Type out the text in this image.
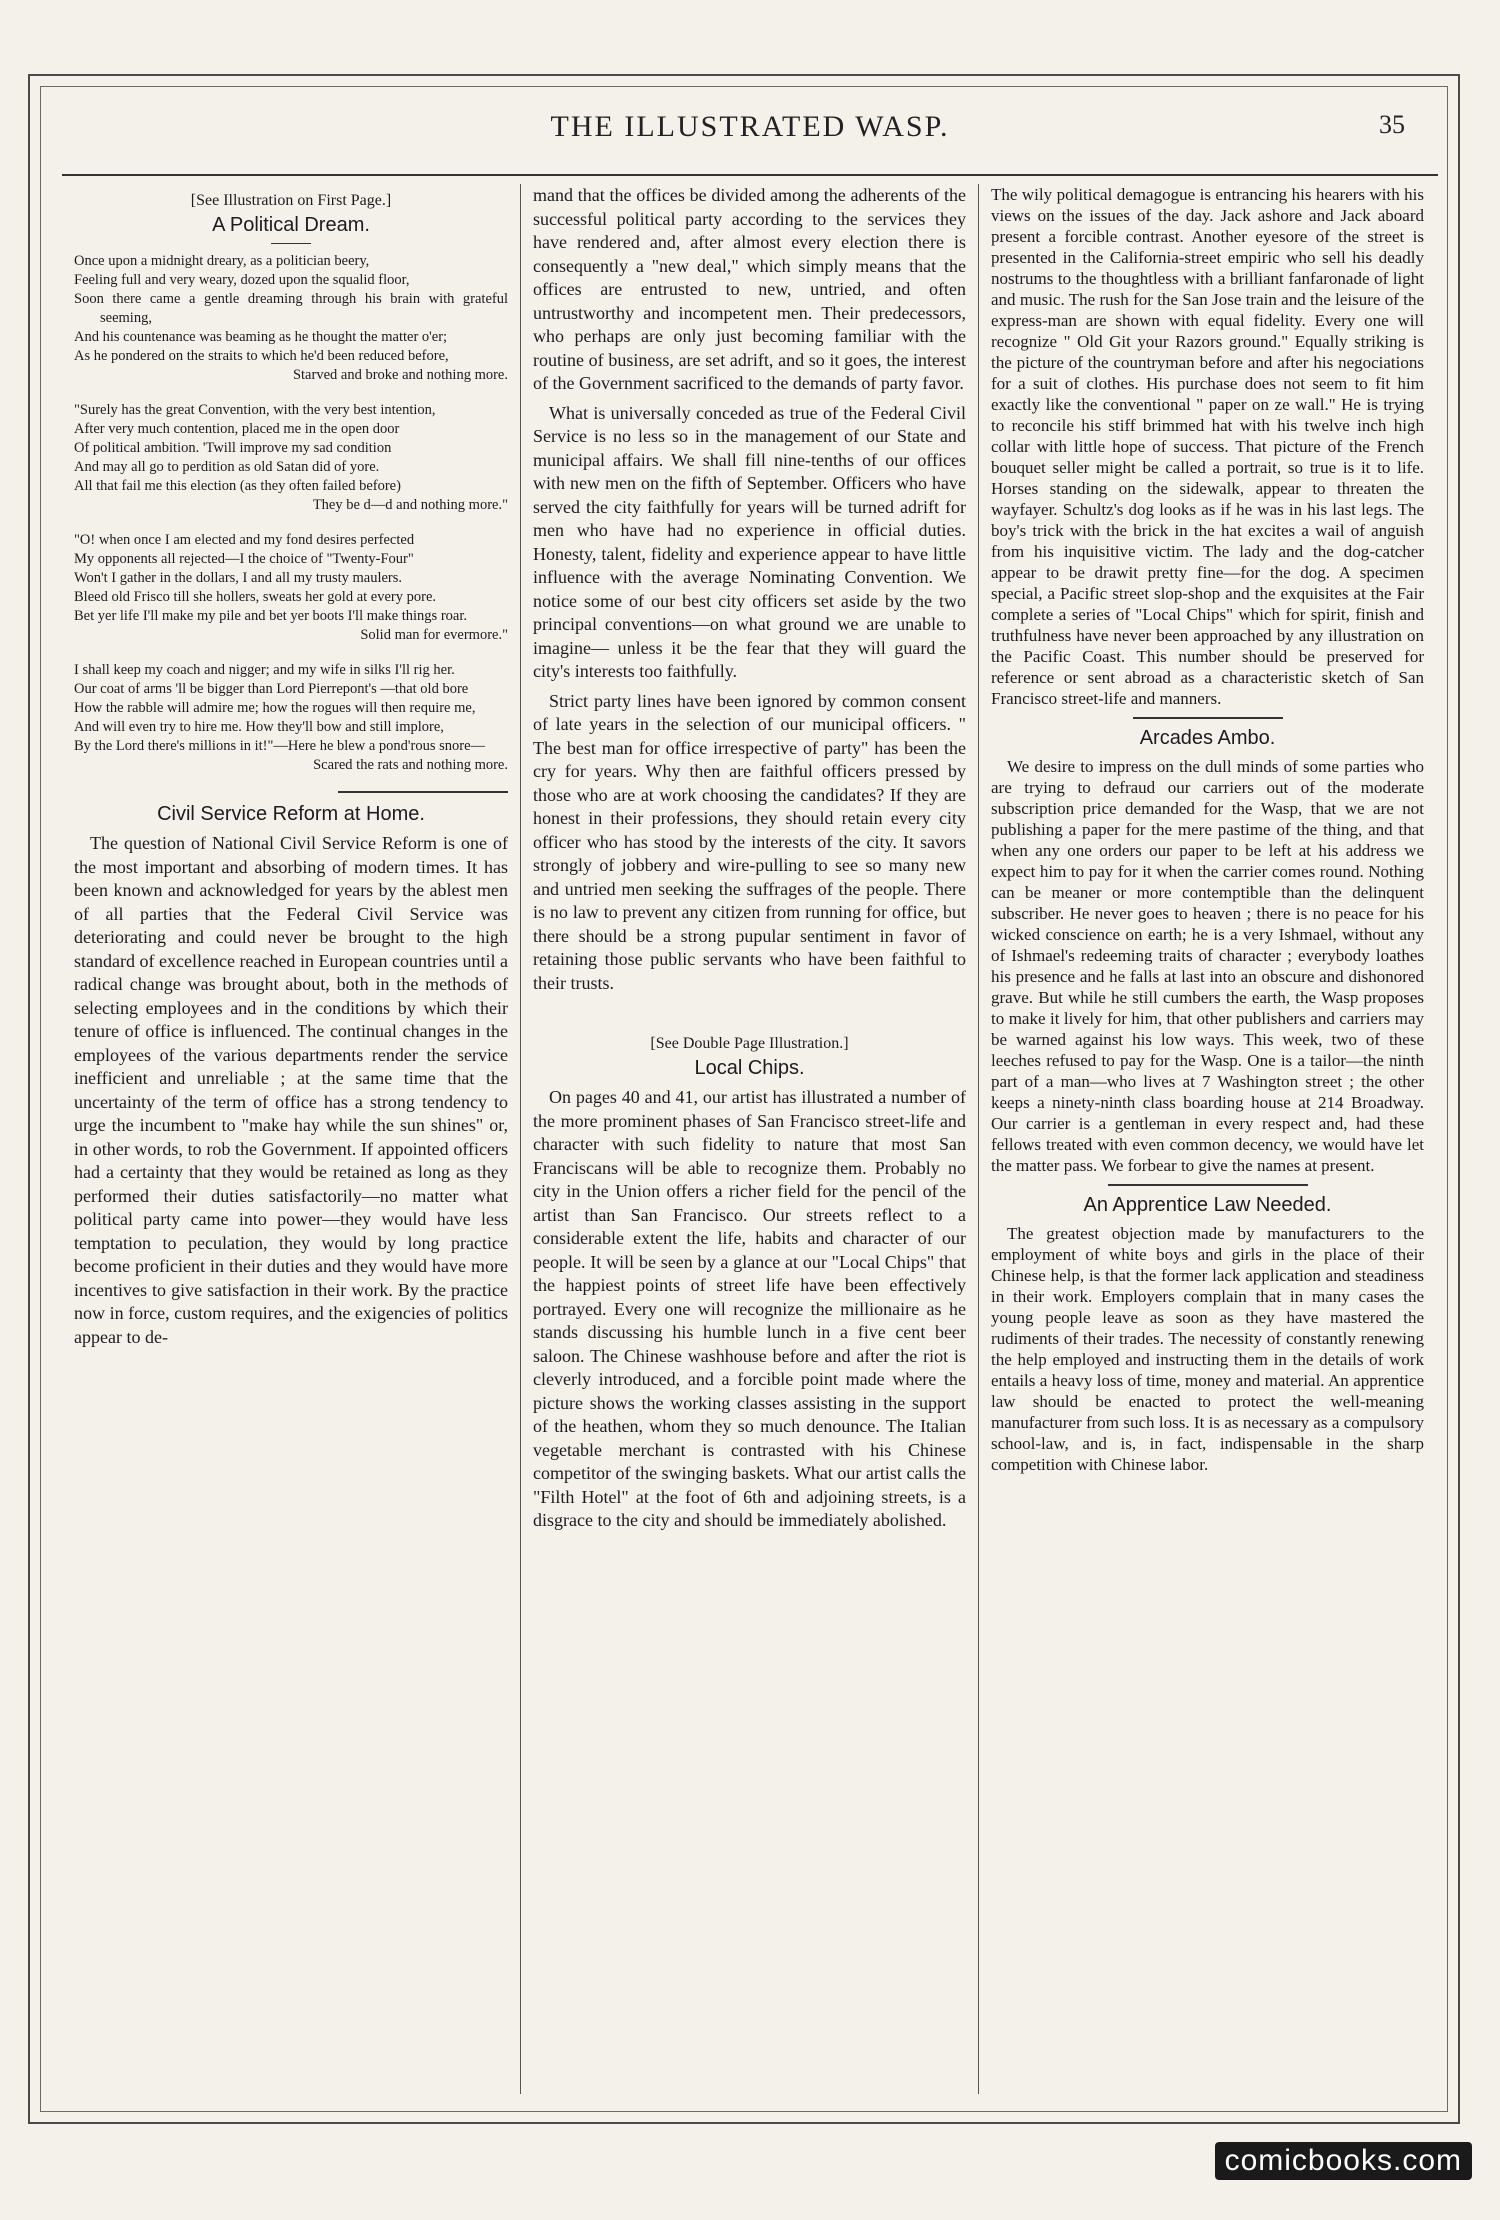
THE ILLUSTRATED WASP.	35
[See Illustration on First Page.]
A Political Dream.
Once upon a midnight dreary, as a politician beery,
Feeling full and very weary, dozed upon the squalid floor,
Soon there came a gentle dreaming through his brain with grateful seeming,
And his countenance was beaming as he thought the matter o'er;
As he pondered on the straits to which he'd been reduced before,
Starved and broke and nothing more.
"Surely has the great Convention, with the very best intention,
After very much contention, placed me in the open door
Of political ambition. 'Twill improve my sad condition
And may all go to perdition as old Satan did of yore.
All that fail me this election (as they often failed before)
They be d—d and nothing more."
"O! when once I am elected and my fond desires perfected
My opponents all rejected—I the choice of "Twenty-Four"
Won't I gather in the dollars, I and all my trusty maulers.
Bleed old Frisco till she hollers, sweats her gold at every pore.
Bet yer life I'll make my pile and bet yer boots I'll make things roar.
Solid man for evermore."
I shall keep my coach and nigger; and my wife in silks I'll rig her.
Our coat of arms 'll be bigger than Lord Pierrepont's —that old bore
How the rabble will admire me; how the rogues will then require me,
And will even try to hire me. How they'll bow and still implore,
By the Lord there's millions in it!"—Here he blew a pond'rous snore—
Scared the rats and nothing more.
Civil Service Reform at Home.

The question of National Civil Service Reform is one of the most important and absorbing of modern times. It has been known and acknowledged for years by the ablest men of all parties that the Federal Civil Service was deteriorating and could never be brought to the high standard of excellence reached in European countries until a radical change was brought about, both in the methods of selecting employees and in the conditions by which their tenure of office is influenced. The continual changes in the employees of the various departments render the service inefficient and unreliable ; at the same time that the uncertainty of the term of office has a strong tendency to urge the incumbent to "make hay while the sun shines" or, in other words, to rob the Government. If appointed officers had a certainty that they would be retained as long as they performed their duties satisfactorily—no matter what political party came into power—they would have less temptation to peculation, they would by long practice become proficient in their duties and they would have more incentives to give satisfaction in their work. By the practice now in force, custom requires, and the exigencies of politics appear to de-

mand that the offices be divided among the adherents of the successful political party according to the services they have rendered and, after almost every election there is consequently a "new deal," which simply means that the offices are entrusted to new, untried, and often untrustworthy and incompetent men. Their predecessors, who perhaps are only just becoming familiar with the routine of business, are set adrift, and so it goes, the interest of the Government sacrificed to the demands of party favor.

What is universally conceded as true of the Federal Civil Service is no less so in the management of our State and municipal affairs. We shall fill nine-tenths of our offices with new men on the fifth of September. Officers who have served the city faithfully for years will be turned adrift for men who have had no experience in official duties. Honesty, talent, fidelity and experience appear to have little influence with the average Nominating Convention. We notice some of our best city officers set aside by the two principal conventions—on what ground we are unable to imagine— unless it be the fear that they will guard the city's interests too faithfully.

Strict party lines have been ignored by common consent of late years in the selection of our municipal officers. " The best man for office irrespective of party" has been the cry for years. Why then are faithful officers pressed by those who are at work choosing the candidates? If they are honest in their professions, they should retain every city officer who has stood by the interests of the city. It savors strongly of jobbery and wire-pulling to see so many new and untried men seeking the suffrages of the people. There is no law to prevent any citizen from running for office, but there should be a strong pupular sentiment in favor of retaining those public servants who have been faithful to their trusts.

[See Double Page Illustration.]
Local Chips.

On pages 40 and 41, our artist has illustrated a number of the more prominent phases of San Francisco street-life and character with such fidelity to nature that most San Franciscans will be able to recognize them. Probably no city in the Union offers a richer field for the pencil of the artist than San Francisco. Our streets reflect to a considerable extent the life, habits and character of our people. It will be seen by a glance at our "Local Chips" that the happiest points of street life have been effectively portrayed. Every one will recognize the millionaire as he stands discussing his humble lunch in a five cent beer saloon. The Chinese washhouse before and after the riot is cleverly introduced, and a forcible point made where the picture shows the working classes assisting in the support of the heathen, whom they so much denounce. The Italian vegetable merchant is contrasted with his Chinese competitor of the swinging baskets. What our artist calls the "Filth Hotel" at the foot of 6th and adjoining streets, is a disgrace to the city and should be immediately abolished.

The wily political demagogue is entrancing his hearers with his views on the issues of the day. Jack ashore and Jack aboard present a forcible contrast. Another eyesore of the street is presented in the California-street empiric who sell his deadly nostrums to the thoughtless with a brilliant fanfaronade of light and music. The rush for the San Jose train and the leisure of the express-man are shown with equal fidelity. Every one will recognize " Old Git your Razors ground." Equally striking is the picture of the countryman before and after his negociations for a suit of clothes. His purchase does not seem to fit him exactly like the conventional " paper on ze wall." He is trying to reconcile his stiff brimmed hat with his twelve inch high collar with little hope of success. That picture of the French bouquet seller might be called a portrait, so true is it to life. Horses standing on the sidewalk, appear to threaten the wayfayer. Schultz's dog looks as if he was in his last legs. The boy's trick with the brick in the hat excites a wail of anguish from his inquisitive victim. The lady and the dog-catcher appear to be drawit pretty fine—for the dog. A specimen special, a Pacific street slop-shop and the exquisites at the Fair complete a series of "Local Chips" which for spirit, finish and truthfulness have never been approached by any illustration on the Pacific Coast. This number should be preserved for reference or sent abroad as a characteristic sketch of San Francisco street-life and manners.

Arcades Ambo.

We desire to impress on the dull minds of some parties who are trying to defraud our carriers out of the moderate subscription price demanded for the Wasp, that we are not publishing a paper for the mere pastime of the thing, and that when any one orders our paper to be left at his address we expect him to pay for it when the carrier comes round. Nothing can be meaner or more contemptible than the delinquent subscriber. He never goes to heaven ; there is no peace for his wicked conscience on earth; he is a very Ishmael, without any of Ishmael's redeeming traits of character ; everybody loathes his presence and he falls at last into an obscure and dishonored grave. But while he still cumbers the earth, the Wasp proposes to make it lively for him, that other publishers and carriers may be warned against his low ways. This week, two of these leeches refused to pay for the Wasp. One is a tailor—the ninth part of a man—who lives at 7 Washington street ; the other keeps a ninety-ninth class boarding house at 214 Broadway. Our carrier is a gentleman in every respect and, had these fellows treated with even common decency, we would have let the matter pass. We forbear to give the names at present.

An Apprentice Law Needed.

The greatest objection made by manufacturers to the employment of white boys and girls in the place of their Chinese help, is that the former lack application and steadiness in their work. Employers complain that in many cases the young people leave as soon as they have mastered the rudiments of their trades. The necessity of constantly renewing the help employed and instructing them in the details of work entails a heavy loss of time, money and material. An apprentice law should be enacted to protect the well-meaning manufacturer from such loss. It is as necessary as a compulsory school-law, and is, in fact, indispensable in the sharp competition with Chinese labor.

comicbooks.com
